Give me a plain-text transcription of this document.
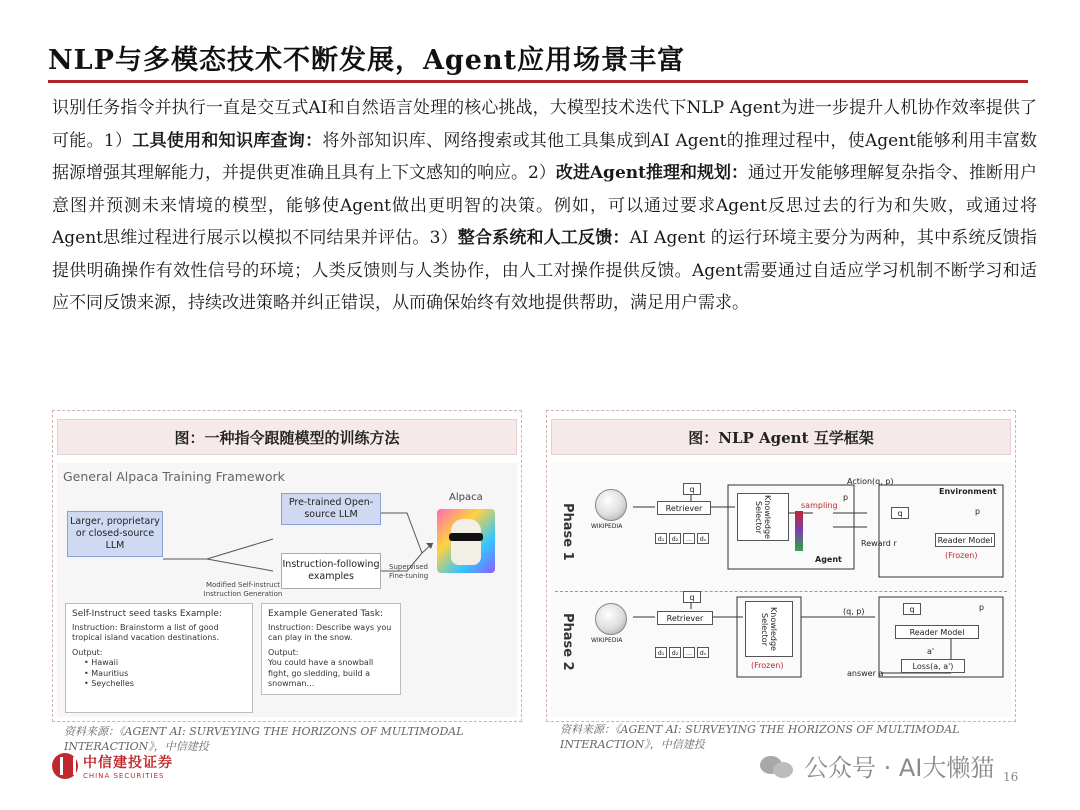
NLP与多模态技术不断发展，Agent应用场景丰富
识别任务指令并执行一直是交互式AI和自然语言处理的核心挑战，大模型技术迭代下NLP Agent为进一步提升人机协作效率提供了可能。1）工具使用和知识库查询：将外部知识库、网络搜索或其他工具集成到AI Agent的推理过程中，使Agent能够利用丰富数据源增强其理解能力，并提供更准确且具有上下文感知的响应。2）改进Agent推理和规划：通过开发能够理解复杂指令、推断用户意图并预测未来情境的模型，能够使Agent做出更明智的决策。例如，可以通过要求Agent反思过去的行为和失败，或通过将Agent思维过程进行展示以模拟不同结果并评估。3）整合系统和人工反馈：AI Agent 的运行环境主要分为两种，其中系统反馈指提供明确操作有效性信号的环境；人类反馈则与人类协作，由人工对操作提供反馈。Agent需要通过自适应学习机制不断学习和适应不同反馈来源，持续改进策略并纠正错误，从而确保始终有效地提供帮助，满足用户需求。
图：一种指令跟随模型的训练方法
General Alpaca Training Framework
Larger, proprietary or closed-source LLM
Pre-trained Open-source LLM
Instruction-following examples
Alpaca
Supervised Fine-tuning
Modified Self-instruct Instruction Generation
Self-Instruct seed tasks Example:
Instruction: Brainstorm a list of good tropical island vacation destinations.
Output:
• Hawaii
• Mauritius
• Seychelles
Example Generated Task:
Instruction: Describe ways you can play in the snow.
Output:
You could have a snowball fight, go sledding, build a snowman…
资料来源：《AGENT AI: SURVEYING THE HORIZONS OF MULTIMODAL INTERACTION》，中信建投
图：NLP Agent 互学框架
Phase 1
Phase 2
WIKIPEDIA
q
Retriever
d₁	d₂	...	dₙ	Knowledge Selector	sampling
p
Agent
Action(q, p)
Environment
q	p
Reader Model
(Frozen)
Reward r
WIKIPEDIA
q
Retriever
d₁	d₂	...	dₙ
Knowledge Selector
(Frozen)
(q, p)	q	p
Reader Model
a'
Loss(a, a')
answer a
资料来源：《AGENT AI: SURVEYING THE HORIZONS OF MULTIMODAL INTERACTION》，中信建投
中信建投证券
CHINA SECURITIES	公众号 · AI大懒猫 16
